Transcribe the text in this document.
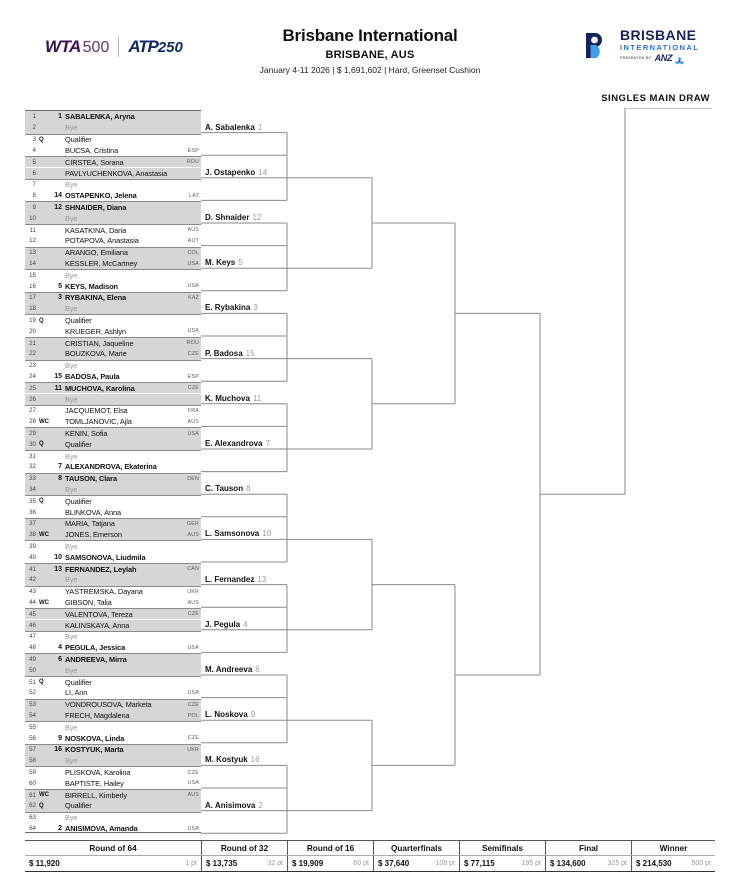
WTA 500 ATP250
Brisbane International
BRISBANE, AUS
January 4-11 2026 | $ 1,691,602 | Hard, Greenset Cushion
BRISBANE
INTERNATIONAL
PRESENTED BY ANZ
SINGLES MAIN DRAW
1	1 SABALENKA, Aryna
2	Bye
3 Q	Qualifier
4	BUCSA, Cristina	ESP
5	CIRSTEA, Sorana	ROU
6	PAVLYUCHENKOVA, Anastasia
7	Bye
8	14 OSTAPENKO, Jelena	LAT
9	12 SHNAIDER, Diana
10	Bye
11	KASATKINA, Daria	AUS
12	POTAPOVA, Anastasia	AUT
13	ARANGO, Emiliana	COL
14	KESSLER, McCartney	USA
15	Bye
16	5 KEYS, Madison	USA
17	3 RYBAKINA, Elena	KAZ
18	Bye
19 Q	Qualifier
20	KRUEGER, Ashlyn	USA
21	CRISTIAN, Jaqueline	ROU
22	BOUZKOVA, Marie	CZE
23	Bye
24	15 BADOSA, Paula	ESP
25	11 MUCHOVA, Karolina	CZE
26	Bye
27	JACQUEMOT, Elsa	FRA
28 WC TOMLJANOVIC, Ajla	AUS
29	KENIN, Sofia	USA
30 Q	Qualifier
31	Bye
32	7 ALEXANDROVA, Ekaterina
33	8 TAUSON, Clara	DEN
34	Bye
35 Q	Qualifier
36	BLINKOVA, Anna
37	MARIA, Tatjana	GER
38 WC JONES, Emerson	AUS
39	Bye
40	10 SAMSONOVA, Liudmila
41	13 FERNANDEZ, Leylah	CAN
42	Bye
43	YASTREMSKA, Dayana	UKR
44 WC GIBSON, Talia	AUS
45	VALENTOVA, Tereza	CZE
46	KALINSKAYA, Anna
47	Bye
48	4 PEGULA, Jessica	USA
49	6 ANDREEVA, Mirra
50	Bye
51 Q	Qualifier
52	LI, Ann	USA
53	VONDROUSOVA, Marketa	CZE
54	FRECH, Magdalena	POL
55	Bye
56	9 NOSKOVA, Linda	CZE
57	16 KOSTYUK, Marta	UKR
58	Bye
59	PLISKOVA, Karolina	CZE
60	BAPTISTE, Hailey	USA
61 WC BIRRELL, Kimberly	AUS
62 Q	Qualifier
63	Bye
64	2 ANISIMOVA, Amanda	USA
A. Sabalenka 1
J. Ostapenko 14
D. Shnaider 12
M. Keys 5
E. Rybakina 3
P. Badosa 15
K. Muchova 11
E. Alexandrova 7
C. Tauson 8
L. Samsonova 10
L. Fernandez 13
J. Pegula 4
M. Andreeva 6
L. Noskova 9
M. Kostyuk 16
A. Anisimova 2
Round of 64	Round of 32	Round of 16	Quarterfinals	Semifinals	Final	Winner
$ 11,920	1 pt $ 13,735	32 pt $ 19,909	60 pt $ 37,640	108 pt $ 77,115	195 pt $ 134,600	325 pt $ 214,530	500 pt
